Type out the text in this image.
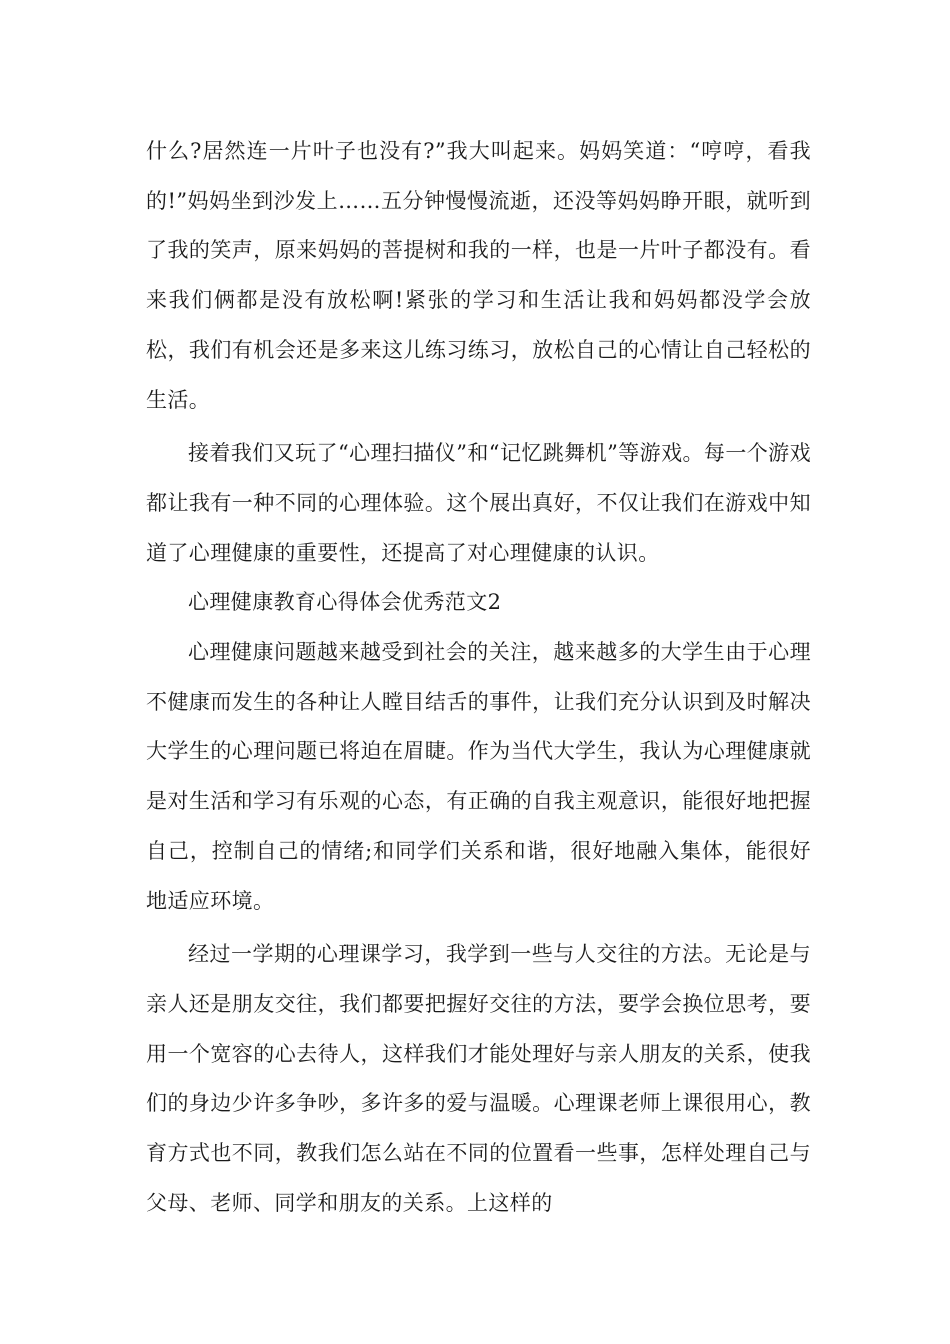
什么?居然连一片叶子也没有?”我大叫起来。妈妈笑道：“哼哼，看我的!”妈妈坐到沙发上……五分钟慢慢流逝，还没等妈妈睁开眼，就听到了我的笑声，原来妈妈的菩提树和我的一样，也是一片叶子都没有。看来我们俩都是没有放松啊!紧张的学习和生活让我和妈妈都没学会放松，我们有机会还是多来这儿练习练习，放松自己的心情让自己轻松的生活。

接着我们又玩了“心理扫描仪”和“记忆跳舞机”等游戏。每一个游戏都让我有一种不同的心理体验。这个展出真好，不仅让我们在游戏中知道了心理健康的重要性，还提高了对心理健康的认识。

心理健康教育心得体会优秀范文2

心理健康问题越来越受到社会的关注，越来越多的大学生由于心理不健康而发生的各种让人瞠目结舌的事件，让我们充分认识到及时解决大学生的心理问题已将迫在眉睫。作为当代大学生，我认为心理健康就是对生活和学习有乐观的心态，有正确的自我主观意识，能很好地把握自己，控制自己的情绪;和同学们关系和谐，很好地融入集体，能很好地适应环境。

经过一学期的心理课学习，我学到一些与人交往的方法。无论是与亲人还是朋友交往，我们都要把握好交往的方法，要学会换位思考，要用一个宽容的心去待人，这样我们才能处理好与亲人朋友的关系，使我们的身边少许多争吵，多许多的爱与温暖。心理课老师上课很用心，教育方式也不同，教我们怎么站在不同的位置看一些事，怎样处理自己与父母、老师、同学和朋友的关系。上这样的
